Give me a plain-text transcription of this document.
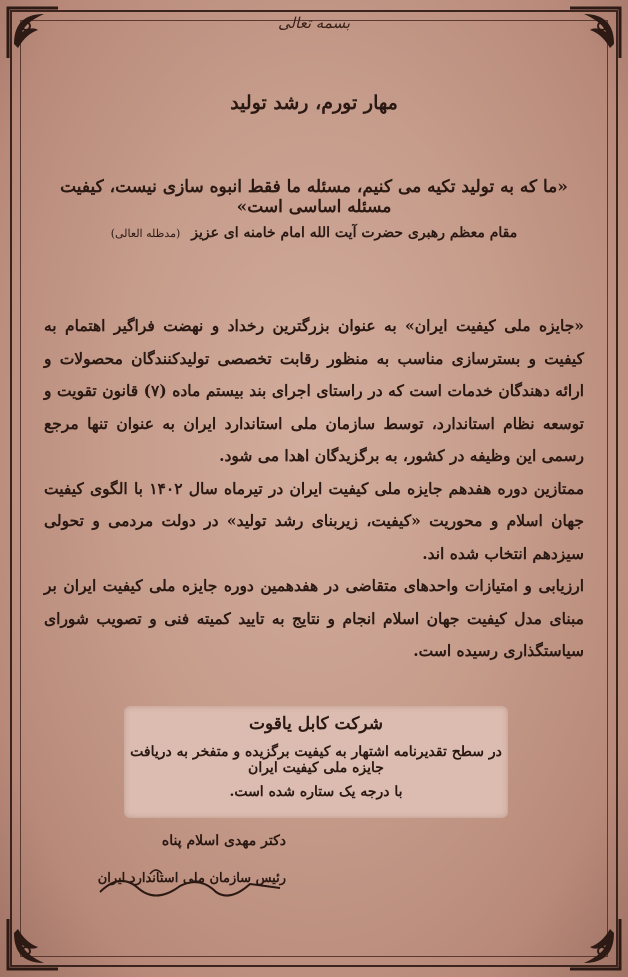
بسمه تعالی
مهار تورم، رشد تولید
«ما که به تولید تکیه می کنیم، مسئله ما فقط انبوه سازی نیست، کیفیت مسئله اساسی است»
مقام معظم رهبری حضرت آیت الله امام خامنه ای عزیز (مدظله العالی)

«جایزه ملی کیفیت ایران» به عنوان بزرگترین رخداد و نهضت فراگیر اهتمام به کیفیت و بسترسازی مناسب به منظور رقابت تخصصی تولیدکنندگان محصولات و ارائه دهندگان خدمات است که در راستای اجرای بند بیستم ماده (۷) قانون تقویت و توسعه نظام استاندارد، توسط سازمان ملی استاندارد ایران به عنوان تنها مرجع رسمی این وظیفه در کشور، به برگزیدگان اهدا می شود.

ممتازین دوره هفدهم جایزه ملی کیفیت ایران در تیرماه سال ۱۴۰۲ با الگوی کیفیت جهان اسلام و محوریت «کیفیت، زیربنای رشد تولید» در دولت مردمی و تحولی سیزدهم انتخاب شده اند.

ارزیابی و امتیازات واحدهای متقاضی در هفدهمین دوره جایزه ملی کیفیت ایران بر مبنای مدل کیفیت جهان اسلام انجام و نتایج به تایید کمیته فنی و تصویب شورای سیاستگذاری رسیده است.

شرکت کابل یاقوت
در سطح تقدیرنامه اشتهار به کیفیت برگزیده و متفخر به دریافت جایزه ملی کیفیت ایران
با درجه یک ستاره شده است.
دکتر مهدی اسلام پناه
رئیس سازمان ملی استاندارد ایران
